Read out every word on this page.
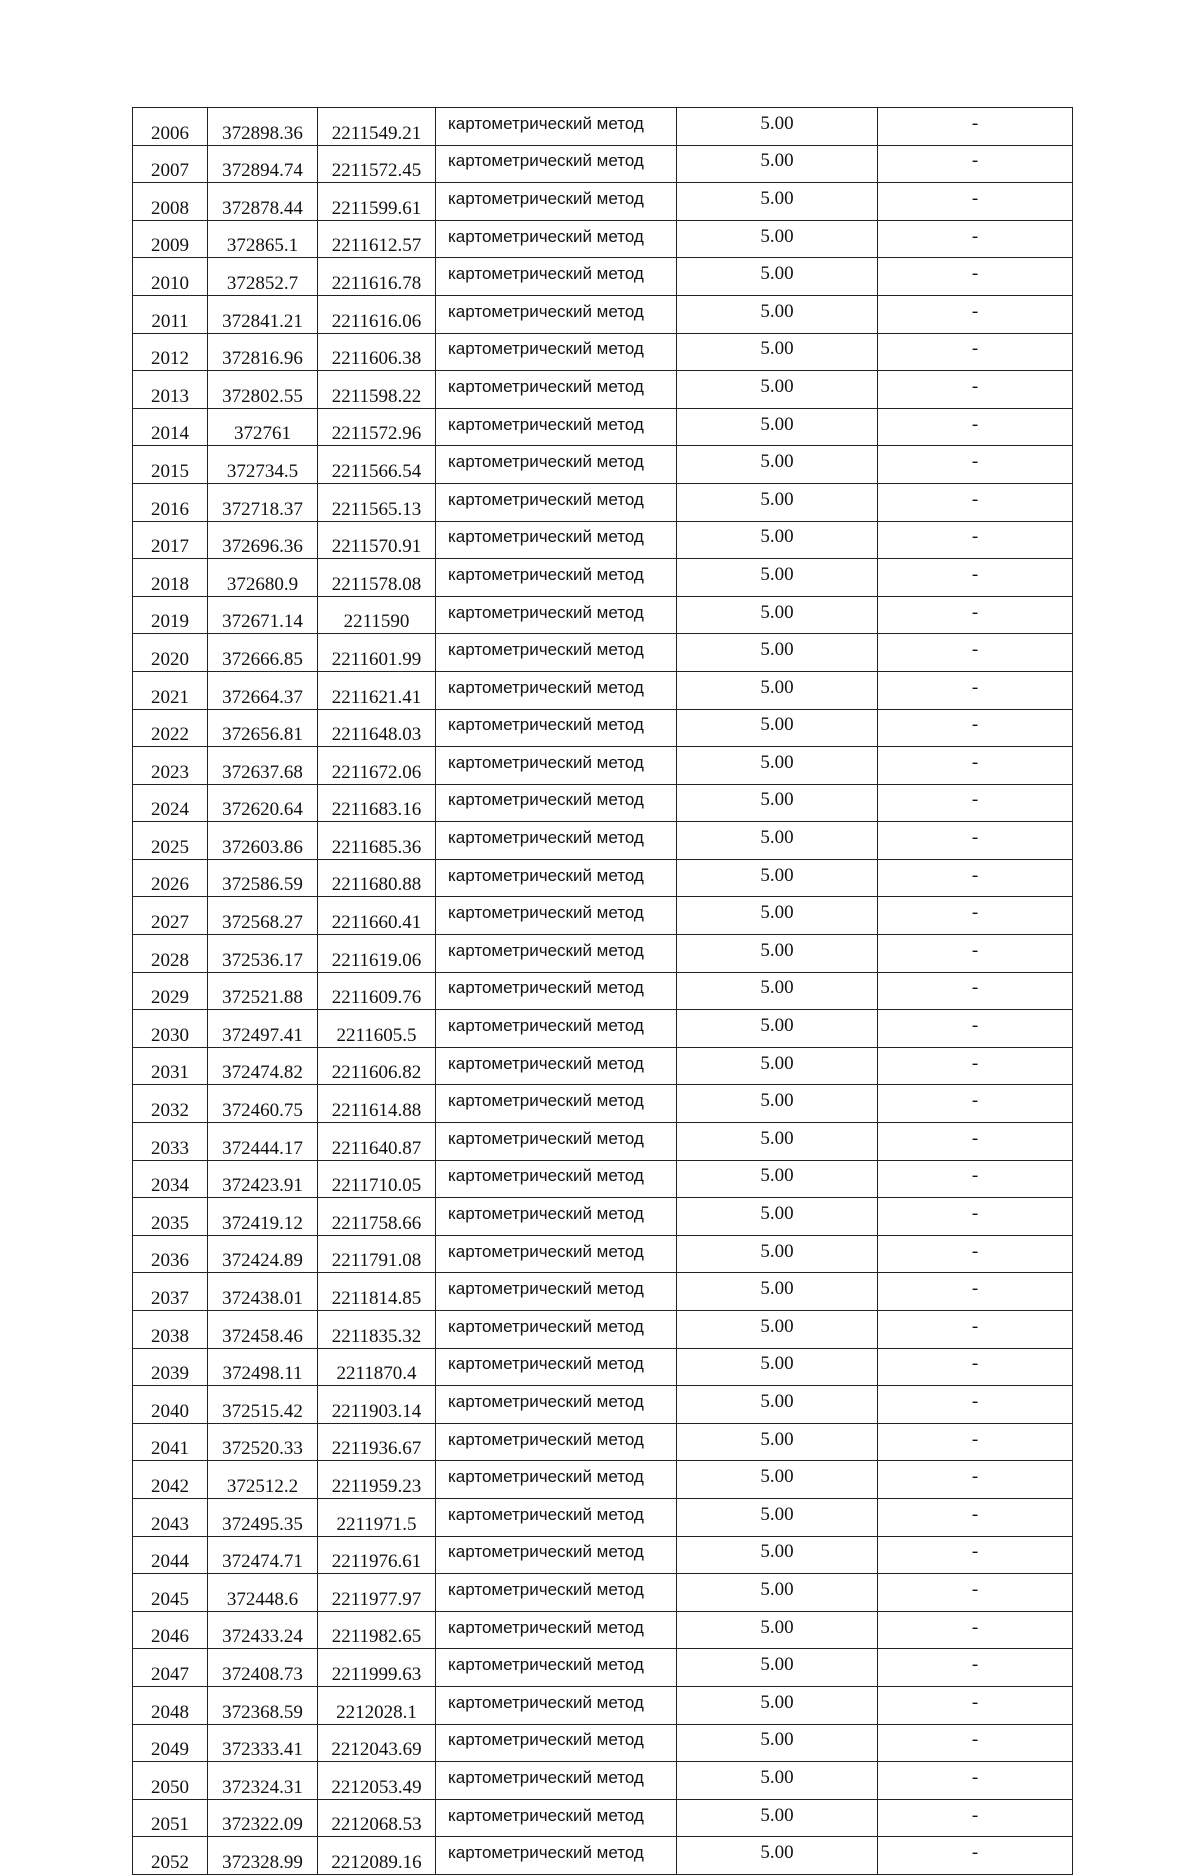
2006	372898.36	2211549.21	картометрический метод	5.00	-
2007	372894.74	2211572.45	картометрический метод	5.00	-
2008	372878.44	2211599.61	картометрический метод	5.00	-
2009	372865.1	2211612.57	картометрический метод	5.00	-
2010	372852.7	2211616.78	картометрический метод	5.00	-
2011	372841.21	2211616.06	картометрический метод	5.00	-
2012	372816.96	2211606.38	картометрический метод	5.00	-
2013	372802.55	2211598.22	картометрический метод	5.00	-
2014	372761	2211572.96	картометрический метод	5.00	-
2015	372734.5	2211566.54	картометрический метод	5.00	-
2016	372718.37	2211565.13	картометрический метод	5.00	-
2017	372696.36	2211570.91	картометрический метод	5.00	-
2018	372680.9	2211578.08	картометрический метод	5.00	-
2019	372671.14	2211590	картометрический метод	5.00	-
2020	372666.85	2211601.99	картометрический метод	5.00	-
2021	372664.37	2211621.41	картометрический метод	5.00	-
2022	372656.81	2211648.03	картометрический метод	5.00	-
2023	372637.68	2211672.06	картометрический метод	5.00	-
2024	372620.64	2211683.16	картометрический метод	5.00	-
2025	372603.86	2211685.36	картометрический метод	5.00	-
2026	372586.59	2211680.88	картометрический метод	5.00	-
2027	372568.27	2211660.41	картометрический метод	5.00	-
2028	372536.17	2211619.06	картометрический метод	5.00	-
2029	372521.88	2211609.76	картометрический метод	5.00	-
2030	372497.41	2211605.5	картометрический метод	5.00	-
2031	372474.82	2211606.82	картометрический метод	5.00	-
2032	372460.75	2211614.88	картометрический метод	5.00	-
2033	372444.17	2211640.87	картометрический метод	5.00	-
2034	372423.91	2211710.05	картометрический метод	5.00	-
2035	372419.12	2211758.66	картометрический метод	5.00	-
2036	372424.89	2211791.08	картометрический метод	5.00	-
2037	372438.01	2211814.85	картометрический метод	5.00	-
2038	372458.46	2211835.32	картометрический метод	5.00	-
2039	372498.11	2211870.4	картометрический метод	5.00	-
2040	372515.42	2211903.14	картометрический метод	5.00	-
2041	372520.33	2211936.67	картометрический метод	5.00	-
2042	372512.2	2211959.23	картометрический метод	5.00	-
2043	372495.35	2211971.5	картометрический метод	5.00	-
2044	372474.71	2211976.61	картометрический метод	5.00	-
2045	372448.6	2211977.97	картометрический метод	5.00	-
2046	372433.24	2211982.65	картометрический метод	5.00	-
2047	372408.73	2211999.63	картометрический метод	5.00	-
2048	372368.59	2212028.1	картометрический метод	5.00	-
2049	372333.41	2212043.69	картометрический метод	5.00	-
2050	372324.31	2212053.49	картометрический метод	5.00	-
2051	372322.09	2212068.53	картометрический метод	5.00	-
2052	372328.99	2212089.16	картометрический метод	5.00	-
